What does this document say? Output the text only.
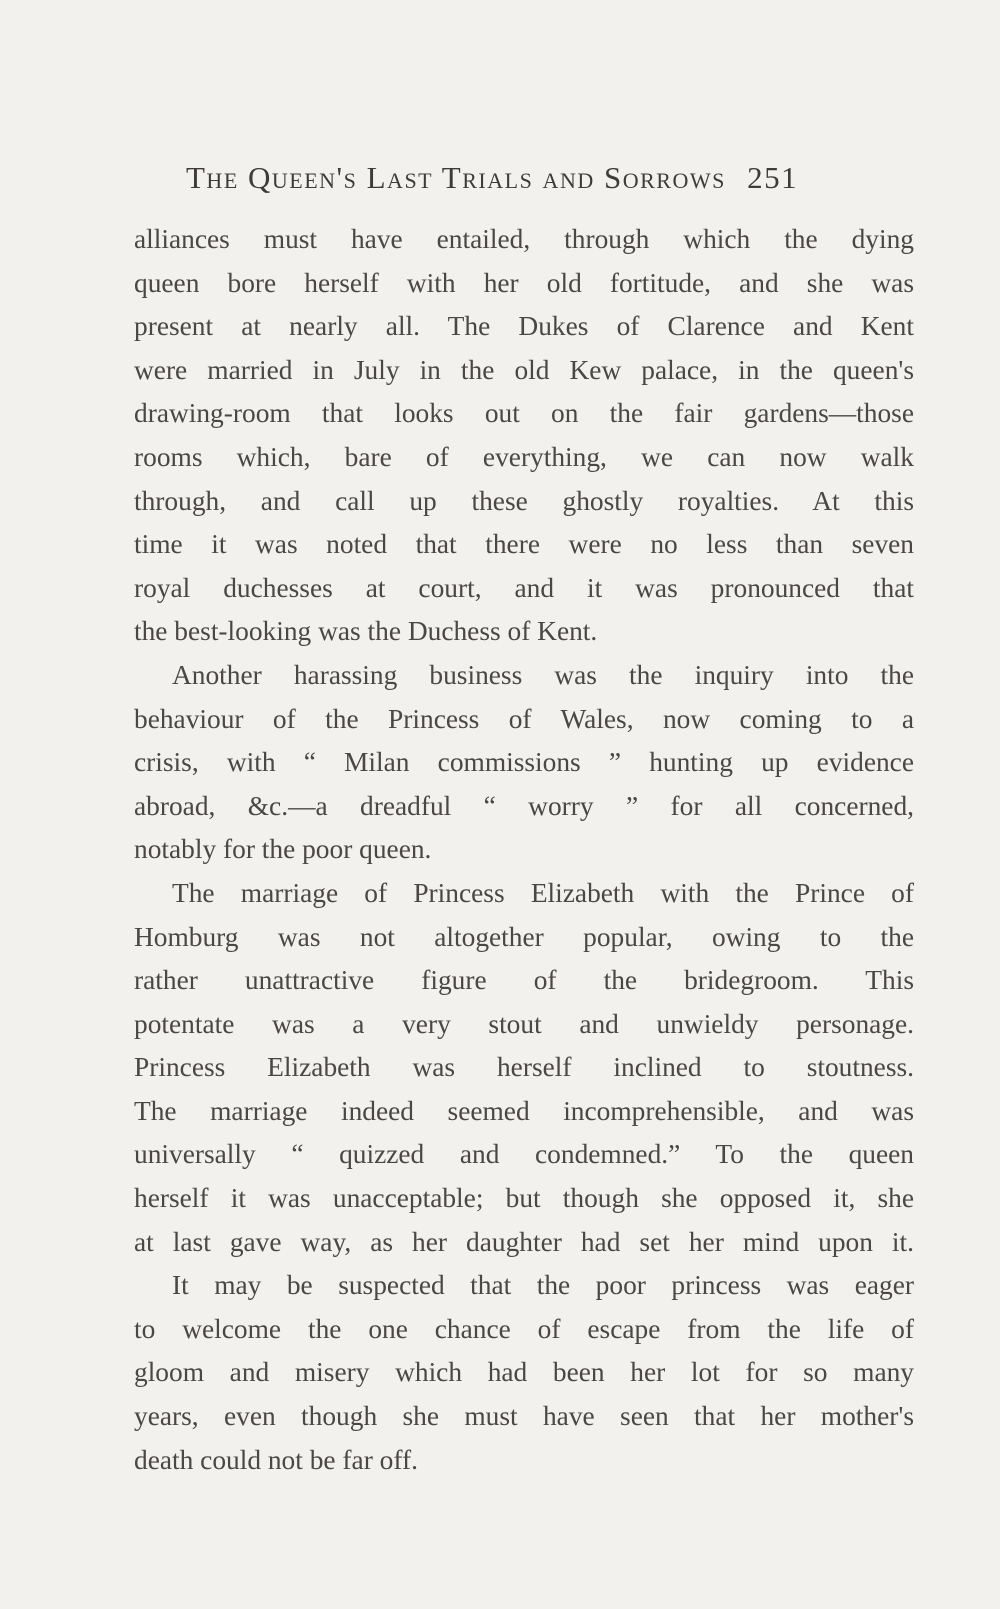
The Queen's Last Trials and Sorrows 251
alliances must have entailed, through which the dying
queen bore herself with her old fortitude, and she was
present at nearly all. The Dukes of Clarence and Kent
were married in July in the old Kew palace, in the queen's
drawing-room that looks out on the fair gardens—those
rooms which, bare of everything, we can now walk
through, and call up these ghostly royalties. At this
time it was noted that there were no less than seven
royal duchesses at court, and it was pronounced that
the best-looking was the Duchess of Kent.
Another harassing business was the inquiry into the
behaviour of the Princess of Wales, now coming to a
crisis, with “ Milan commissions ” hunting up evidence
abroad, &c.—a dreadful “ worry ” for all concerned,
notably for the poor queen.
The marriage of Princess Elizabeth with the Prince of
Homburg was not altogether popular, owing to the
rather unattractive figure of the bridegroom. This
potentate was a very stout and unwieldy personage.
Princess Elizabeth was herself inclined to stoutness.
The marriage indeed seemed incomprehensible, and was
universally “ quizzed and condemned.” To the queen
herself it was unacceptable; but though she opposed it, she
at last gave way, as her daughter had set her mind upon it.
It may be suspected that the poor princess was eager
to welcome the one chance of escape from the life of
gloom and misery which had been her lot for so many
years, even though she must have seen that her mother's
death could not be far off.
